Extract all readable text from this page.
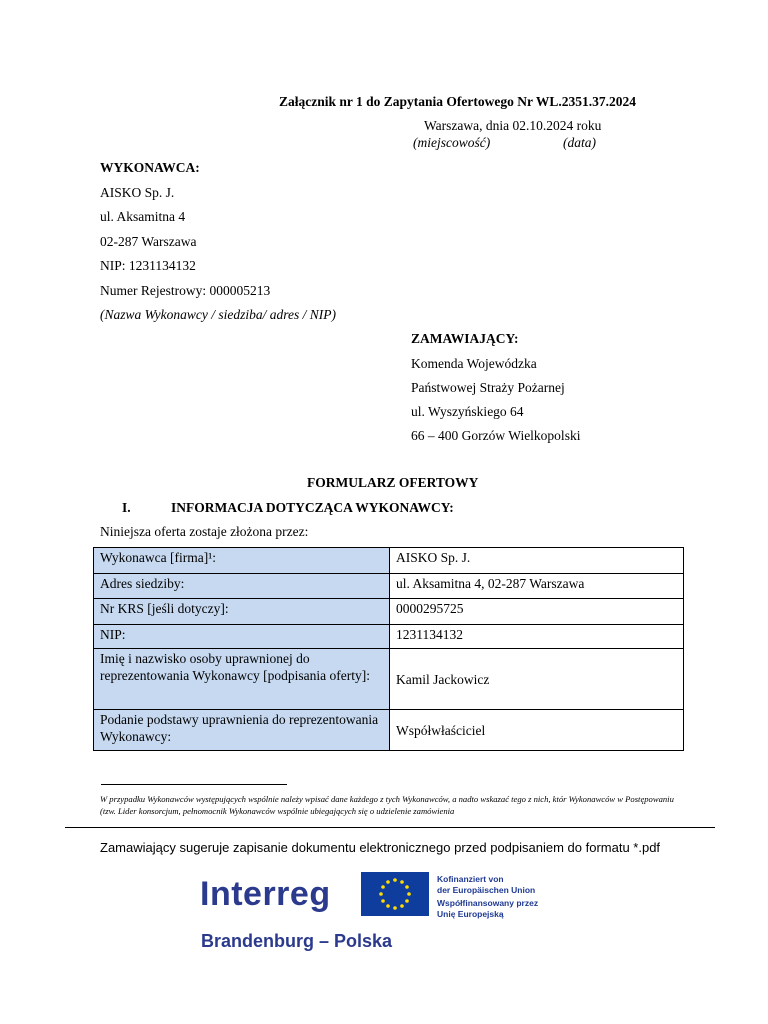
Załącznik nr 1 do Zapytania Ofertowego Nr WL.2351.37.2024
Warszawa, dnia 02.10.2024 roku
(miejscowość)	(data)
WYKONAWCA:
AISKO Sp. J.
ul. Aksamitna 4
02-287 Warszawa
NIP: 1231134132
Numer Rejestrowy: 000005213
(Nazwa Wykonawcy / siedziba/ adres / NIP)
ZAMAWIAJĄCY:
Komenda Wojewódzka
Państwowej Straży Pożarnej
ul. Wyszyńskiego 64
66 – 400 Gorzów Wielkopolski
FORMULARZ OFERTOWY
I.	INFORMACJA DOTYCZĄCA WYKONAWCY:
Niniejsza oferta zostaje złożona przez:
Wykonawca [firma]¹:	AISKO Sp. J.
Adres siedziby:	ul. Aksamitna 4, 02-287 Warszawa
Nr KRS [jeśli dotyczy]:	0000295725
NIP:	1231134132
Imię i nazwisko osoby uprawnionej do reprezentowania Wykonawcy [podpisania oferty]:	Kamil Jackowicz
Podanie podstawy uprawnienia do reprezentowania Wykonawcy:	Współwłaściciel
W przypadku Wykonawców występujących wspólnie należy wpisać dane każdego z tych Wykonawców, a nadto wskazać tego z nich, któr Wykonawców w Postępowaniu (tzw. Lider konsorcjum, pełnomocnik Wykonawców wspólnie ubiegających się o udzielenie zamówienia
Zamawiający sugeruje zapisanie dokumentu elektronicznego przed podpisaniem do formatu *.pdf
Interreg
Brandenburg – Polska
Kofinanziert von
der Europäischen Union
Współfinansowany przez
Unię Europejską
